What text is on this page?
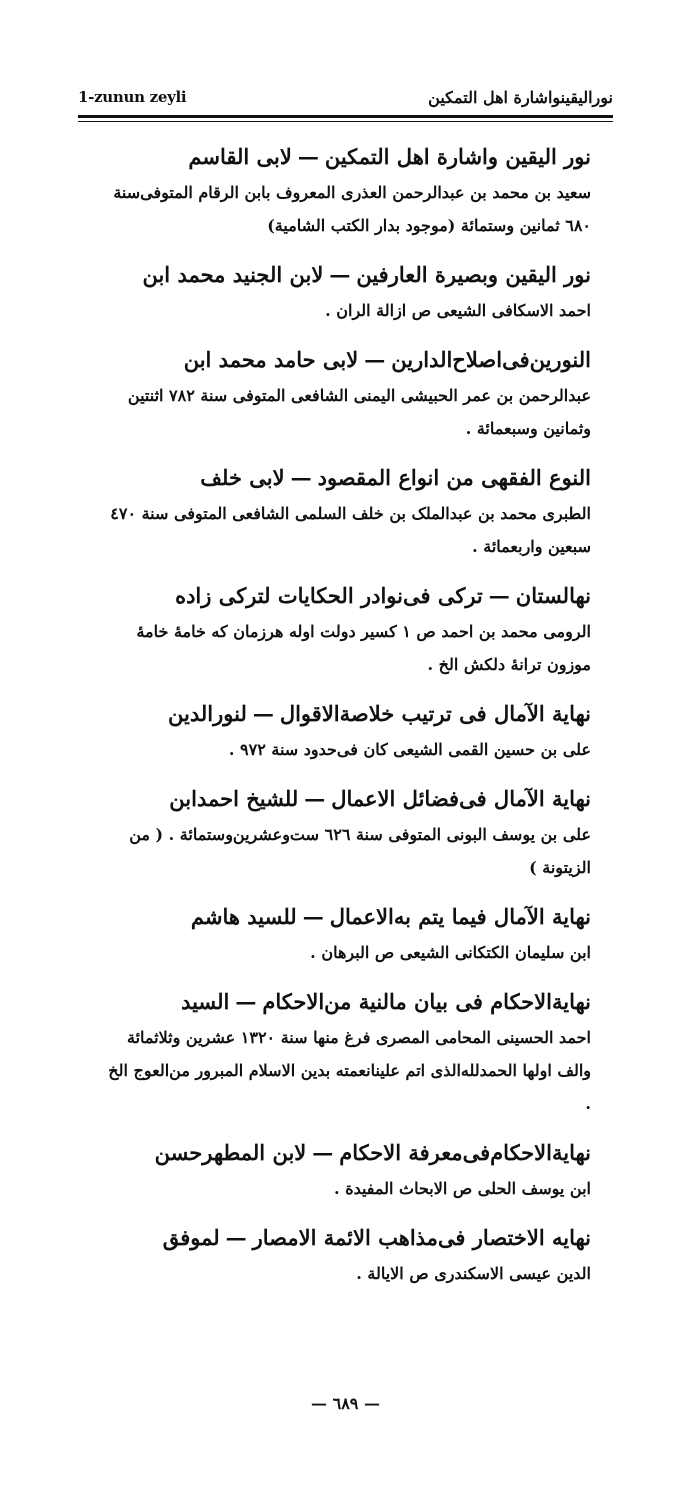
1-zunun zeyli	نورالیقینواشارة اهل التمکین
نور الیقین واشارة اهل التمکین—لابی القاسم
سعید بن محمد بن عبدالرحمن العذری المعروف بابن الرقام المتوفی‌سنة ٦٨٠ ثمانین وستمائة (موجود بدار الکتب الشامیة)
نور الیقین وبصیرة العارفین—لابن الجنید محمد ابن
احمد الاسکافی الشیعی ص ازالة الران .
النورین‌فی‌اصلاح‌الدارین—لابی حامد محمد ابن
عبدالرحمن بن عمر الحبیشی الیمنی الشافعی المتوفی سنة ٧٨٢ اثنتین وثمانین وسبعمائة .
النوع الفقهی من انواع المقصود—لابی خلف
الطبری محمد بن عبدالملک بن خلف السلمی الشافعی المتوفی سنة ٤٧٠ سبعین واربعمائة .
نهالستان—ترکی فی‌نوادر الحکایات لترکی زاده
الرومی محمد بن احمد ص ١ کسیر دولت اوله هرزمان که خامهٔ خامهٔ موزون ترانهٔ دلکش الخ .
نهایة الآمال فی ترتیب خلاصة‌الاقوال—لنورالدین
علی بن حسین القمی الشیعی کان فی‌حدود سنة ٩٧٢ .
نهایة الآمال فی‌فضائل الاعمال—للشیخ احمدابن
علی بن یوسف البونی المتوفی سنة ٦٢٦ ست‌وعشرین‌وستمائة . ( من الزیتونة )
نهایة الآمال فیما یتم به‌الاعمال—للسید هاشم
ابن سلیمان الکتکانی الشیعی ص البرهان .
نهایةالاحکام فی بیان مالنیة من‌الاحکام—السید
احمد الحسینی المحامی المصری فرغ منها سنة ١٣٢٠ عشرین وثلاثمائة والف اولها الحمدلله‌الذی اتم علینانعمته بدین الاسلام المبرور من‌العوج الخ .
نهایةالاحکام‌فی‌معرفة الاحکام—لابن المطهرحسن
ابن یوسف الحلی ص الابحاث المفیدة .
نهایه الاختصار فی‌مذاهب الائمة الامصار—لموفق
الدین عیسی الاسکندری ص الایالة .
— ٦٨٩ —
